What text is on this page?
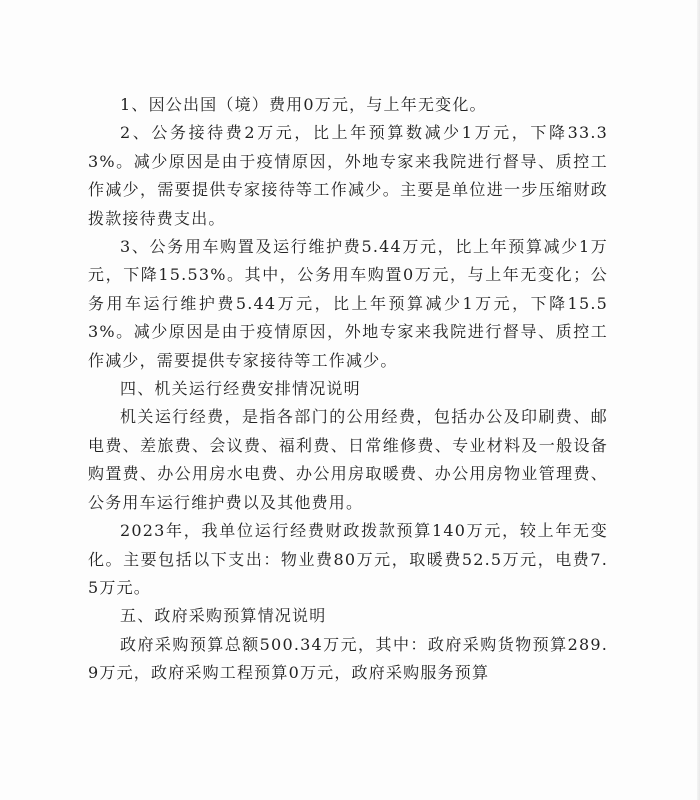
1、因公出国（境）费用0万元，与上年无变化。

2、公务接待费2万元，比上年预算数减少1万元，下降33.33%。减少原因是由于疫情原因，外地专家来我院进行督导、质控工作减少，需要提供专家接待等工作减少。主要是单位进一步压缩财政拨款接待费支出。

3、公务用车购置及运行维护费5.44万元，比上年预算减少1万元，下降15.53%。其中，公务用车购置0万元，与上年无变化；公务用车运行维护费5.44万元，比上年预算减少1万元，下降15.53%。减少原因是由于疫情原因，外地专家来我院进行督导、质控工作减少，需要提供专家接待等工作减少。

四、机关运行经费安排情况说明

机关运行经费，是指各部门的公用经费，包括办公及印刷费、邮电费、差旅费、会议费、福利费、日常维修费、专业材料及一般设备购置费、办公用房水电费、办公用房取暖费、办公用房物业管理费、公务用车运行维护费以及其他费用。

2023年，我单位运行经费财政拨款预算140万元，较上年无变化。主要包括以下支出：物业费80万元，取暖费52.5万元，电费7.5万元。

五、政府采购预算情况说明

政府采购预算总额500.34万元，其中：政府采购货物预算289.9万元，政府采购工程预算0万元，政府采购服务预算
